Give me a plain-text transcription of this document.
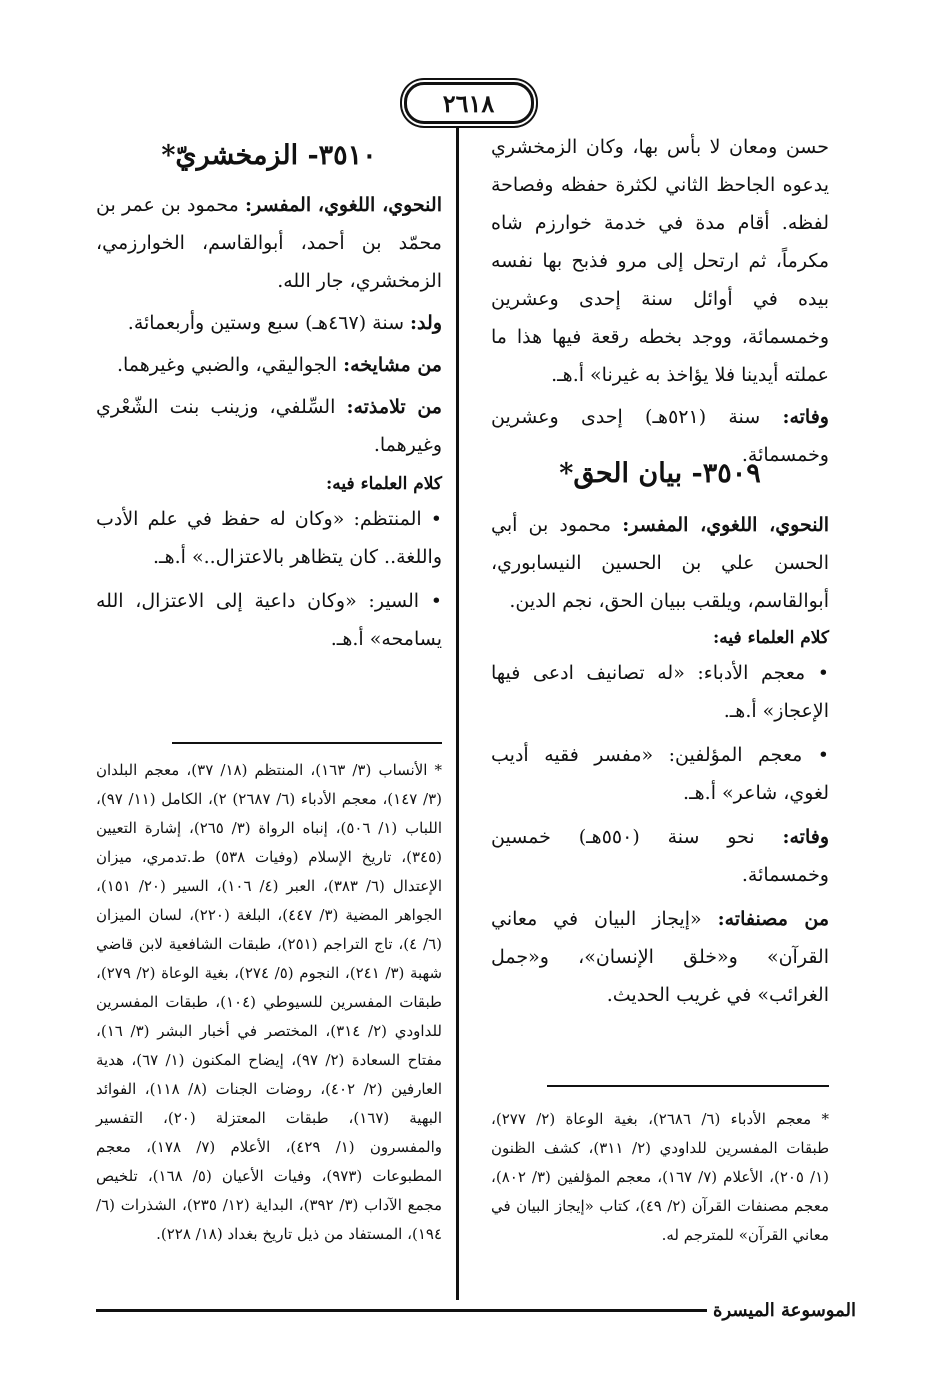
٢٦١٨

حسن ومعان لا بأس بها، وكان الزمخشري يدعوه الجاحظ الثاني لكثرة حفظه وفصاحة لفظه. أقام مدة في خدمة خوارزم شاه مكرماً، ثم ارتحل إلى مرو فذبح بها نفسه بيده في أوائل سنة إحدى وعشرين وخمسمائة، ووجد بخطه رقعة فيها هذا ما عملته أيدينا فلا يؤاخذ به غيرنا» أ.هـ.

وفاته: سنة (٥٢١هـ) إحدى وعشرين وخمسمائة.

٣٥٠٩- بيان الحق*

النحوي، اللغوي، المفسر: محمود بن أبي الحسن علي بن الحسين النيسابوري، أبوالقاسم، ويلقب ببيان الحق، نجم الدين.

كلام العلماء فيه:

• معجم الأدباء: «له تصانيف ادعى فيها الإعجاز» أ.هـ.

• معجم المؤلفين: «مفسر فقيه أديب لغوي، شاعر» أ.هـ.

وفاته: نحو سنة (٥٥٠هـ) خمسين وخمسمائة.

من مصنفاته: «إيجاز البيان في معاني القرآن» و«خلق الإنسان»، و«جمل الغرائب» في غريب الحديث.

* معجم الأدباء (٦/ ٢٦٨٦)، بغية الوعاة (٢/ ٢٧٧)، طبقات المفسرين للداودي (٢/ ٣١١)، كشف الظنون (١/ ٢٠٥)، الأعلام (٧/ ١٦٧)، معجم المؤلفين (٣/ ٨٠٢)، معجم مصنفات القرآن (٢/ ٤٩)، كتاب «إيجاز البيان في معاني القرآن» للمترجم له.

٣٥١٠- الزمخشريّ*

النحوي، اللغوي، المفسر: محمود بن عمر بن محمّد بن أحمد، أبوالقاسم، الخوارزمي، الزمخشري، جار الله.

ولد: سنة (٤٦٧هـ) سبع وستين وأربعمائة.

من مشايخه: الجواليقي، والضبي وغيرهما.

من تلامذته: السِّلفي، وزينب بنت الشّعْري وغيرهما.

كلام العلماء فيه:

• المنتظم: «وكان له حفظ في علم الأدب واللغة.. كان يتظاهر بالاعتزال..» أ.هـ.

• السير: «وكان داعية إلى الاعتزال، الله يسامحه» أ.هـ.

* الأنساب (٣/ ١٦٣)، المنتظم (١٨/ ٣٧)، معجم البلدان (٣/ ١٤٧)، معجم الأدباء (٦/ ٢٦٨٧) ٢)، الكامل (١١/ ٩٧)، اللباب (١/ ٥٠٦)، إنباه الرواة (٣/ ٢٦٥)، إشارة التعيين (٣٤٥)، تاريخ الإسلام (وفيات ٥٣٨) ط.تدمري، ميزان الإعتدال (٦/ ٣٨٣)، العبر (٤/ ١٠٦)، السير (٢٠/ ١٥١)، الجواهر المضية (٣/ ٤٤٧)، البلغة (٢٢٠)، لسان الميزان (٦/ ٤)، تاج التراجم (٢٥١)، طبقات الشافعية لابن قاضي شهبة (٣/ ٢٤١)، النجوم (٥/ ٢٧٤)، بغية الوعاة (٢/ ٢٧٩)، طبقات المفسرين للسيوطي (١٠٤)، طبقات المفسرين للداودي (٢/ ٣١٤)، المختصر في أخبار البشر (٣/ ١٦)، مفتاح السعادة (٢/ ٩٧)، إيضاح المكنون (١/ ٦٧)، هدية العارفين (٢/ ٤٠٢)، روضات الجنات (٨/ ١١٨)، الفوائد البهية (١٦٧)، طبقات المعتزلة (٢٠)، التفسير والمفسرون (١/ ٤٢٩)، الأعلام (٧/ ١٧٨)، معجم المطبوعات (٩٧٣)، وفيات الأعيان (٥/ ١٦٨)، تلخيص مجمع الآداب (٣/ ٣٩٢)، البداية (١٢/ ٢٣٥)، الشذرات (٦/ ١٩٤)، المستفاد من ذيل تاريخ بغداد (١٨/ ٢٢٨).

الموسوعة الميسرة
